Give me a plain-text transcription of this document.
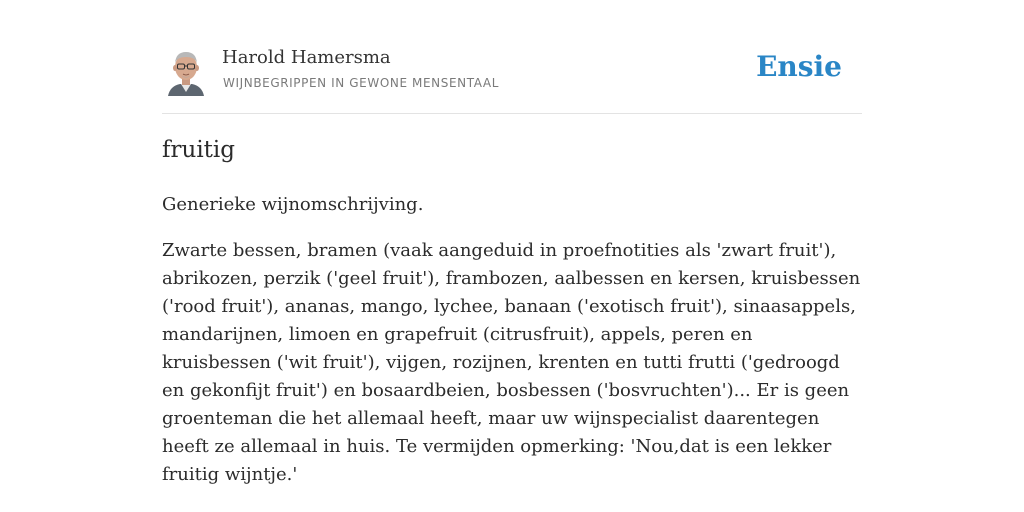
Harold Hamersma
WIJNBEGRIPPEN IN GEWONE MENSENTAAL	Ensie
fruitig

Generieke wijnomschrijving.

Zwarte bessen, bramen (vaak aangeduid in proefnotities als 'zwart fruit'), abrikozen, perzik ('geel fruit'), frambozen, aalbessen en kersen, kruisbessen ('rood fruit'), ananas, mango, lychee, banaan ('exotisch fruit'), sinaasappels, mandarijnen, limoen en grapefruit (citrusfruit), appels, peren en kruisbessen ('wit fruit'), vijgen, rozijnen, krenten en tutti frutti ('gedroogd en gekonfijt fruit') en bosaardbeien, bosbessen ('bosvruchten')... Er is geen groenteman die het allemaal heeft, maar uw wijnspecialist daarentegen heeft ze allemaal in huis. Te vermijden opmerking: 'Nou,dat is een lekker fruitig wijntje.'
